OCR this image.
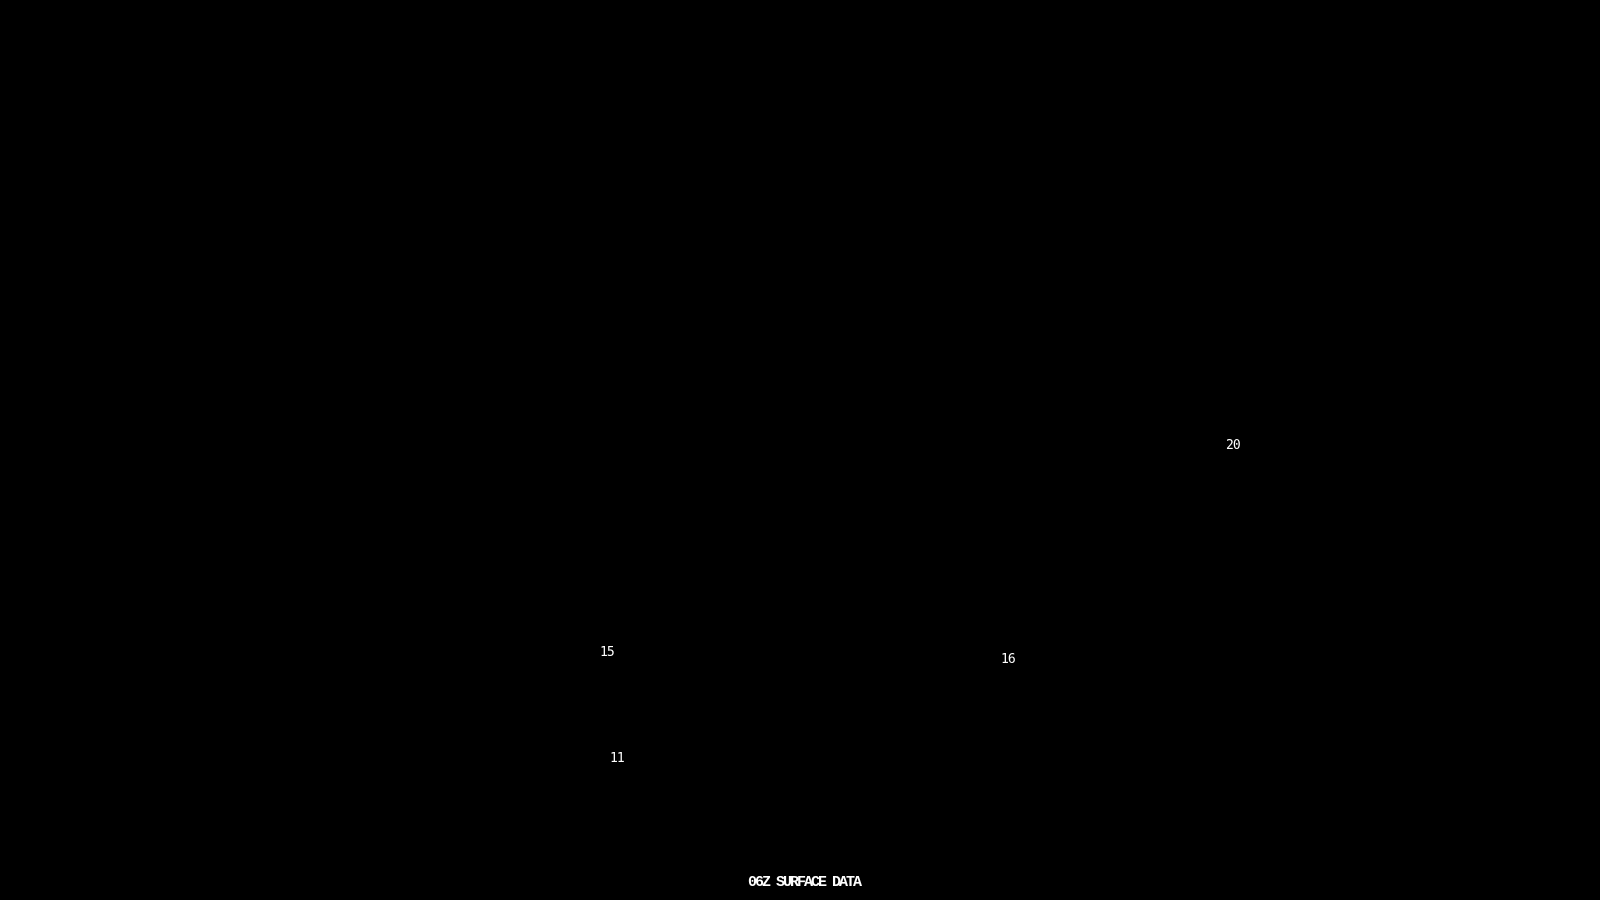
20
15	16
11
06Z SURFACE DATA
